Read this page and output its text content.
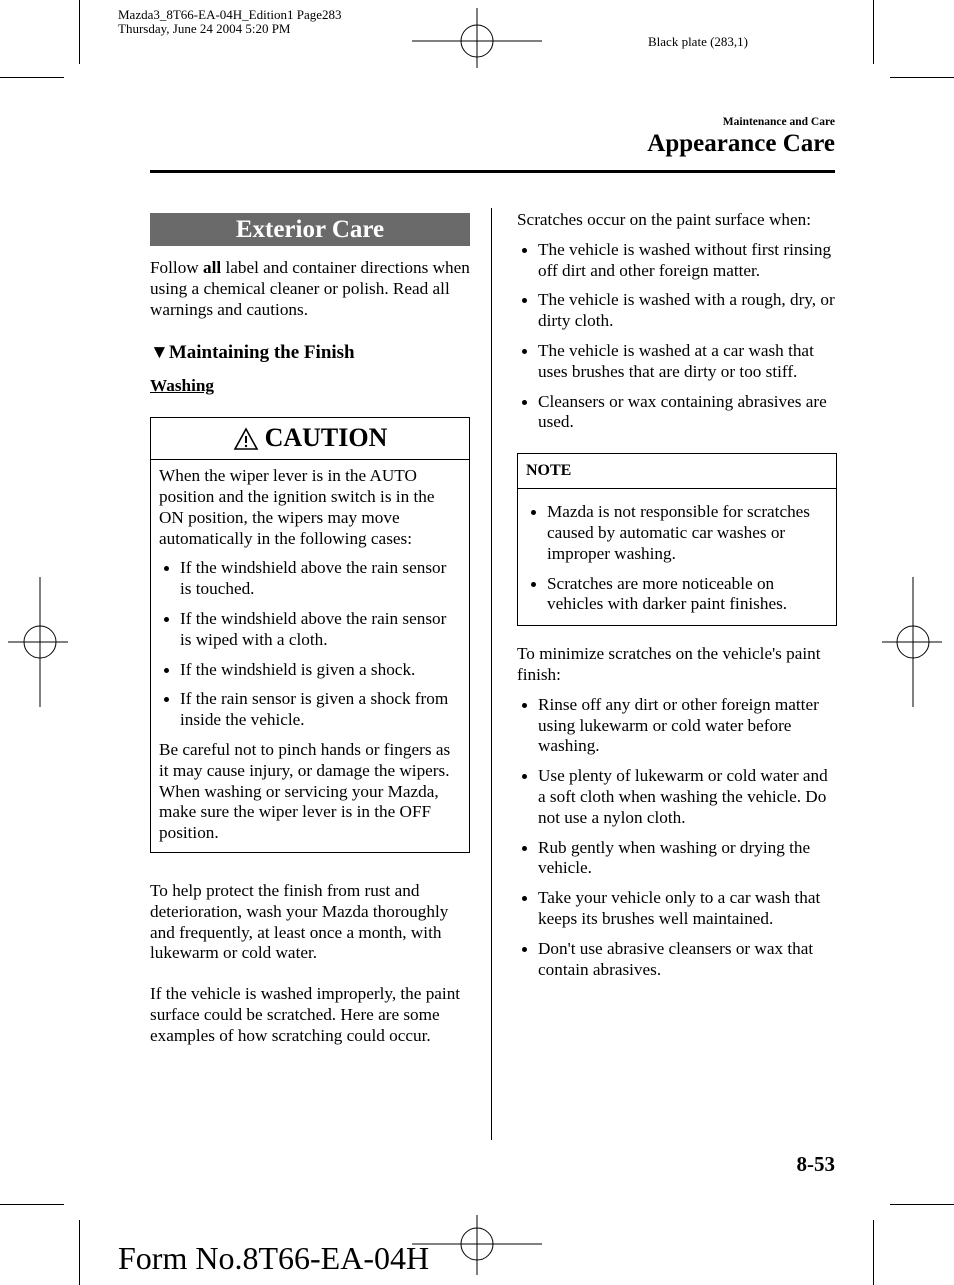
Mazda3_8T66-EA-04H_Edition1 Page283
Thursday, June 24 2004 5:20 PM
Black plate (283,1)
Maintenance and Care
Appearance Care
Exterior Care

Follow all label and container directions when using a chemical cleaner or polish. Read all warnings and cautions.

▼Maintaining the Finish
Washing
CAUTION

When the wiper lever is in the AUTO position and the ignition switch is in the ON position, the wipers may move automatically in the following cases:

If the windshield above the rain sensor is touched.
If the windshield above the rain sensor is wiped with a cloth.
If the windshield is given a shock.
If the rain sensor is given a shock from inside the vehicle.

Be careful not to pinch hands or fingers as it may cause injury, or damage the wipers. When washing or servicing your Mazda, make sure the wiper lever is in the OFF position.

To help protect the finish from rust and deterioration, wash your Mazda thoroughly and frequently, at least once a month, with lukewarm or cold water.

If the vehicle is washed improperly, the paint surface could be scratched. Here are some examples of how scratching could occur.

Scratches occur on the paint surface when:

The vehicle is washed without first rinsing off dirt and other foreign matter.
The vehicle is washed with a rough, dry, or dirty cloth.
The vehicle is washed at a car wash that uses brushes that are dirty or too stiff.
Cleansers or wax containing abrasives are used.
NOTE
Mazda is not responsible for scratches caused by automatic car washes or improper washing.
Scratches are more noticeable on vehicles with darker paint finishes.

To minimize scratches on the vehicle's paint finish:

Rinse off any dirt or other foreign matter using lukewarm or cold water before washing.
Use plenty of lukewarm or cold water and a soft cloth when washing the vehicle. Do not use a nylon cloth.
Rub gently when washing or drying the vehicle.
Take your vehicle only to a car wash that keeps its brushes well maintained.
Don't use abrasive cleansers or wax that contain abrasives.
8-53
Form No.8T66-EA-04H
